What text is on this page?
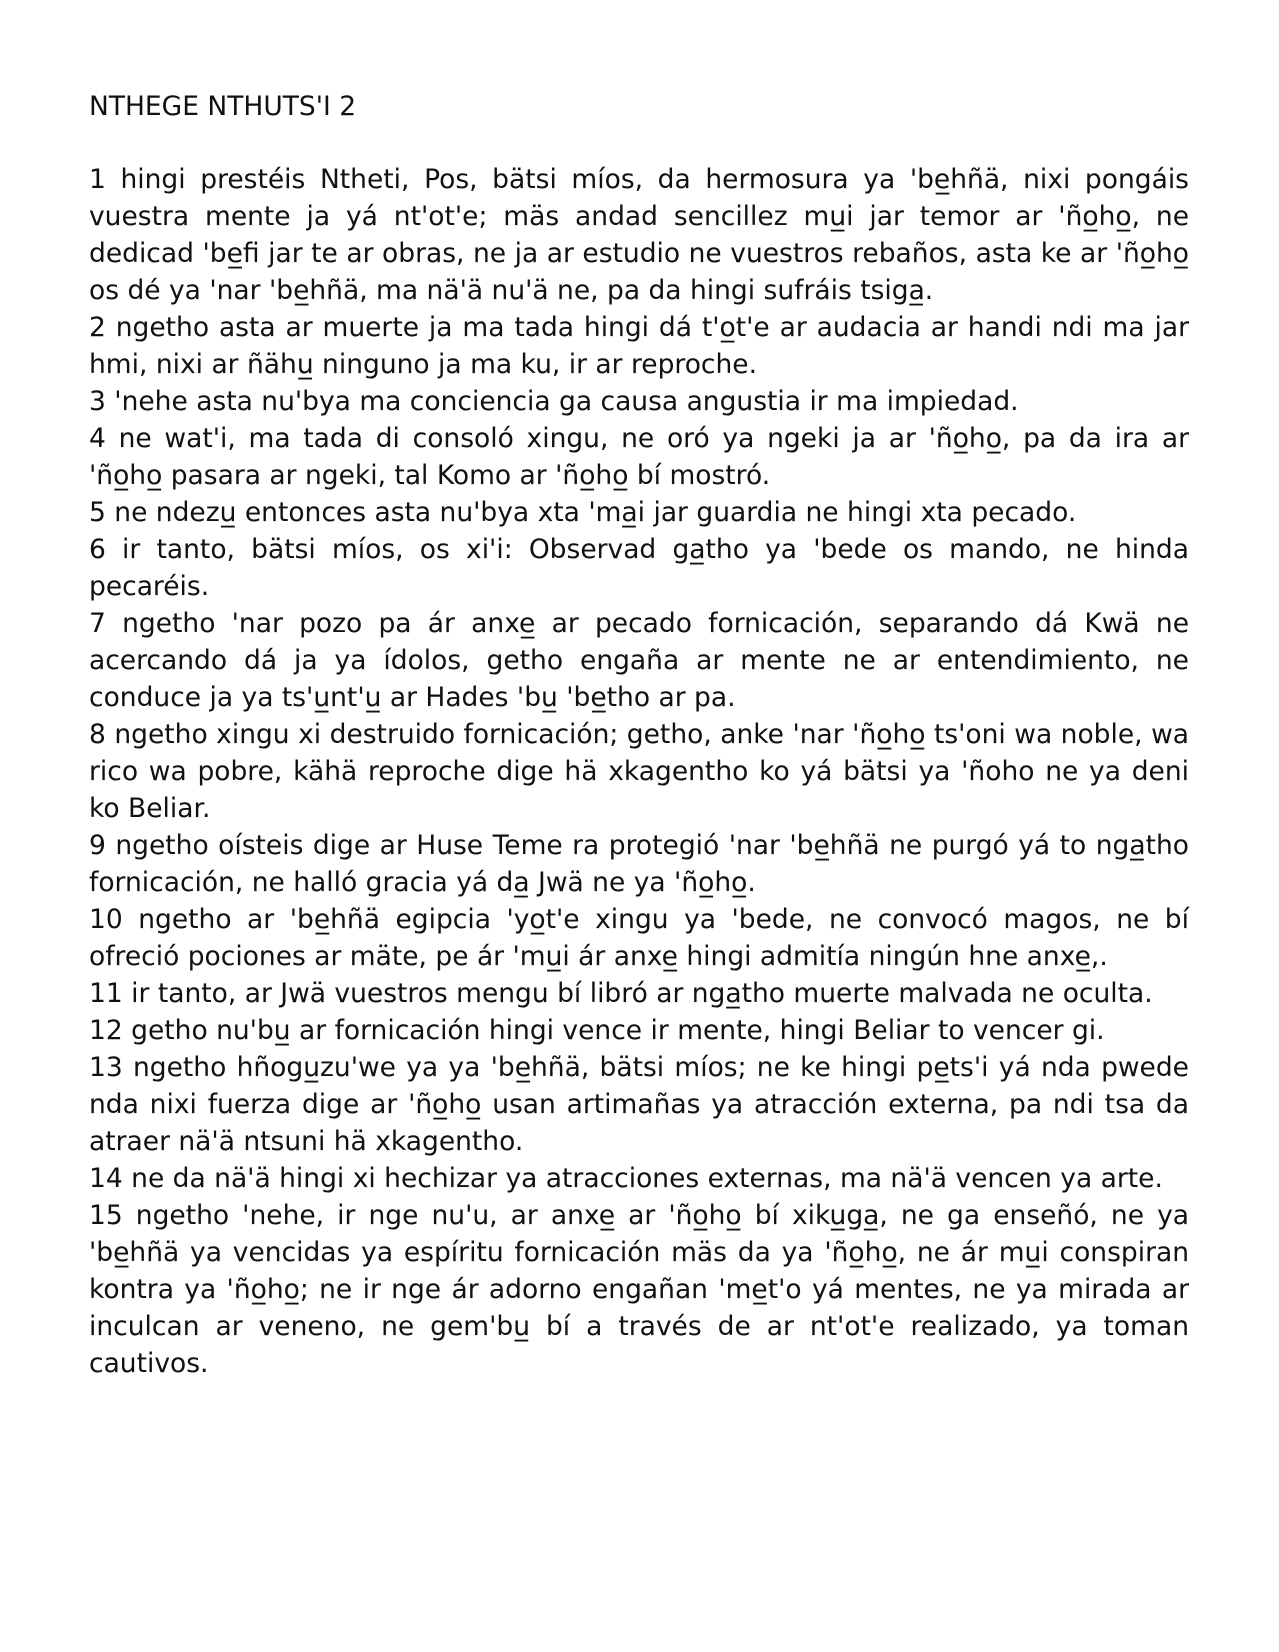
NTHEGE NTHUTS'I 2

1 hingi prestéis Ntheti, Pos, bätsi míos, da hermosura ya 'be̲hñä, nixi pongáis vuestra mente ja yá nt'ot'e; mäs andad sencillez mu̲i jar temor ar 'ño̲ho̲, ne dedicad 'be̲fi jar te ar obras, ne ja ar estudio ne vuestros rebaños, asta ke ar 'ño̲ho̲ os dé ya 'nar 'be̲hñä, ma nä'ä nu'ä ne, pa da hingi sufráis tsiga̲.

2 ngetho asta ar muerte ja ma tada hingi dá t'o̲t'e ar audacia ar handi ndi ma jar hmi, nixi ar ñähu̲ ninguno ja ma ku, ir ar reproche.

3 'nehe asta nu'bya ma conciencia ga causa angustia ir ma impiedad.

4 ne wat'i, ma tada di consoló xingu, ne oró ya ngeki ja ar 'ño̲ho̲, pa da ira ar 'ño̲ho̲ pasara ar ngeki, tal Komo ar 'ño̲ho̲ bí mostró.

5 ne ndezu̲ entonces asta nu'bya xta 'ma̲i jar guardia ne hingi xta pecado.

6 ir tanto, bätsi míos, os xi'i: Observad ga̲tho ya 'bede os mando, ne hinda pecaréis.

7 ngetho 'nar pozo pa ár anxe̲ ar pecado fornicación, separando dá Kwä ne acercando dá ja ya ídolos, getho engaña ar mente ne ar entendimiento, ne conduce ja ya ts'u̲nt'u̲ ar Hades 'bu̲ 'be̲tho ar pa.

8 ngetho xingu xi destruido fornicación; getho, anke 'nar 'ño̲ho̲ ts'oni wa noble, wa rico wa pobre, kähä reproche dige hä xkagentho ko yá bätsi ya 'ñoho ne ya deni ko Beliar.

9 ngetho oísteis dige ar Huse Teme ra protegió 'nar 'be̲hñä ne purgó yá to nga̲tho fornicación, ne halló gracia yá da̲ Jwä ne ya 'ño̲ho̲.

10 ngetho ar 'be̲hñä egipcia 'yo̲t'e xingu ya 'bede, ne convocó magos, ne bí ofreció pociones ar mäte, pe ár 'mu̲i ár anxe̲ hingi admitía ningún hne anxe̲,.

11 ir tanto, ar Jwä vuestros mengu bí libró ar nga̲tho muerte malvada ne oculta.

12 getho nu'bu̲ ar fornicación hingi vence ir mente, hingi Beliar to vencer gi.

13 ngetho hñogu̲zu'we ya ya 'be̲hñä, bätsi míos; ne ke hingi pe̲ts'i yá nda pwede nda nixi fuerza dige ar 'ño̲ho̲ usan artimañas ya atracción externa, pa ndi tsa da atraer nä'ä ntsuni hä xkagentho.

14 ne da nä'ä hingi xi hechizar ya atracciones externas, ma nä'ä vencen ya arte.

15 ngetho 'nehe, ir nge nu'u, ar anxe̲ ar 'ño̲ho̲ bí xiku̲ga̲, ne ga enseñó, ne ya 'be̲hñä ya vencidas ya espíritu fornicación mäs da ya 'ño̲ho̲, ne ár mu̲i conspiran kontra ya 'ño̲ho̲; ne ir nge ár adorno engañan 'me̲t'o yá mentes, ne ya mirada ar inculcan ar veneno, ne gem'bu̲ bí a través de ar nt'ot'e realizado, ya toman cautivos.
